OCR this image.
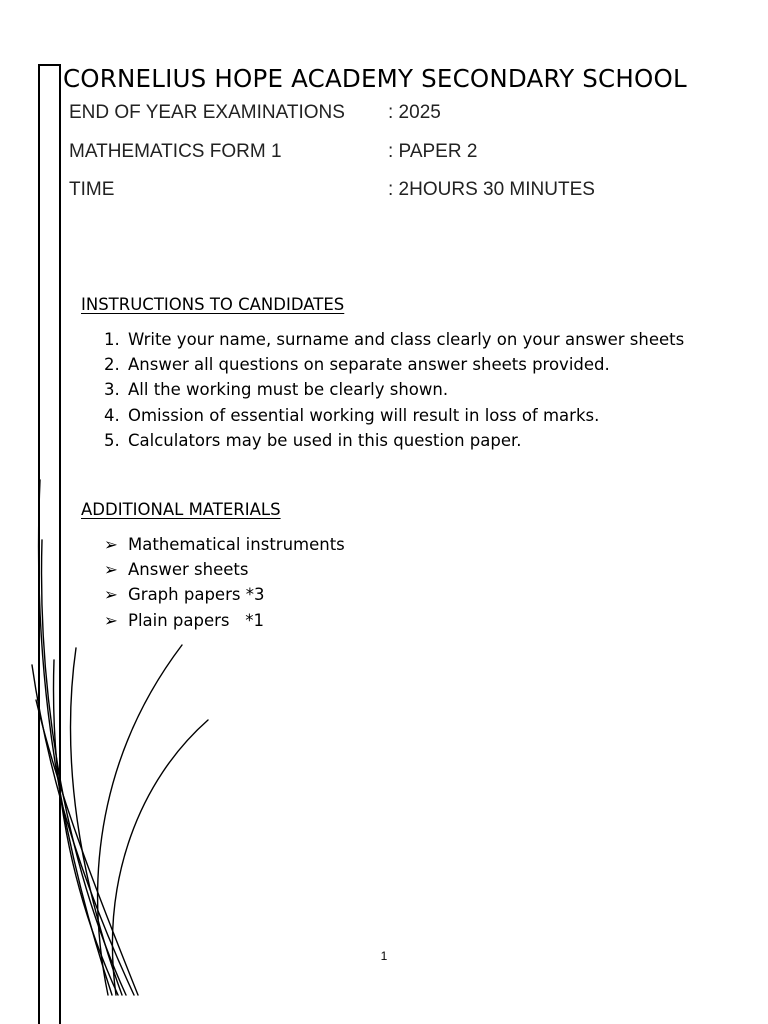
CORNELIUS HOPE ACADEMY SECONDARY SCHOOL
END OF YEAR EXAMINATIONS : 2025
MATHEMATICS FORM 1	: PAPER 2
TIME	: 2HOURS 30 MINUTES
INSTRUCTIONS TO CANDIDATES
1. Write your name, surname and class clearly on your answer sheets
2. Answer all questions on separate answer sheets provided.
3. All the working must be clearly shown.
4. Omission of essential working will result in loss of marks.
5. Calculators may be used in this question paper.
ADDITIONAL MATERIALS
➢ Mathematical instruments
➢ Answer sheets
➢ Graph papers *3
➢ Plain papers   *1
1
